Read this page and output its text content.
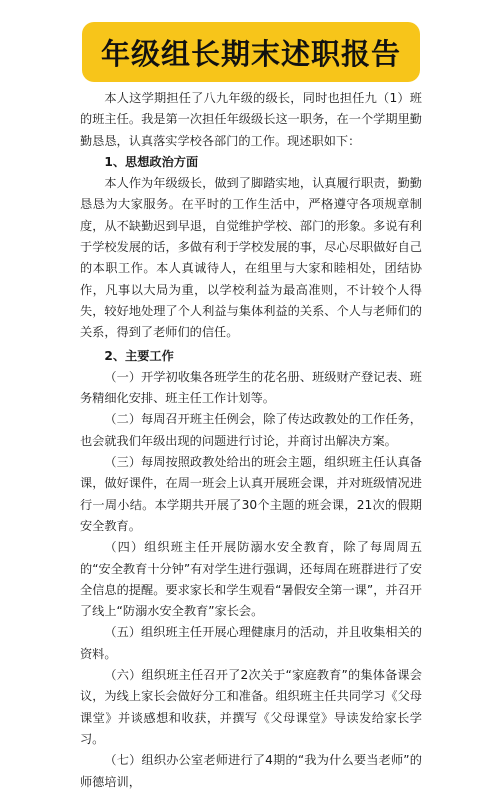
年级组长期末述职报告

本人这学期担任了八九年级的级长，同时也担任九（1）班的班主任。我是第一次担任年级级长这一职务，在一个学期里勤勤恳恳，认真落实学校各部门的工作。现述职如下：

1、思想政治方面

本人作为年级级长，做到了脚踏实地，认真履行职责，勤勤恳恳为大家服务。在平时的工作生活中，严格遵守各项规章制度，从不缺勤迟到早退，自觉维护学校、部门的形象。多说有利于学校发展的话，多做有利于学校发展的事，尽心尽职做好自己的本职工作。本人真诚待人，在组里与大家和睦相处，团结协作，凡事以大局为重，以学校利益为最高准则，不计较个人得失，较好地处理了个人利益与集体利益的关系、个人与老师们的关系，得到了老师们的信任。

2、主要工作

（一）开学初收集各班学生的花名册、班级财产登记表、班务精细化安排、班主任工作计划等。

（二）每周召开班主任例会，除了传达政教处的工作任务，也会就我们年级出现的问题进行讨论，并商讨出解决方案。

（三）每周按照政教处给出的班会主题，组织班主任认真备课，做好课件，在周一班会上认真开展班会课，并对班级情况进行一周小结。本学期共开展了30个主题的班会课，21次的假期安全教育。

（四）组织班主任开展防溺水安全教育，除了每周周五的“安全教育十分钟”有对学生进行强调，还每周在班群进行了安全信息的提醒。要求家长和学生观看“暑假安全第一课”，并召开了线上“防溺水安全教育”家长会。

（五）组织班主任开展心理健康月的活动，并且收集相关的资料。

（六）组织班主任召开了2次关于“家庭教育”的集体备课会议，为线上家长会做好分工和准备。组织班主任共同学习《父母课堂》并谈感想和收获，并撰写《父母课堂》导读发给家长学习。

（七）组织办公室老师进行了4期的“我为什么要当老师”的师德培训，
